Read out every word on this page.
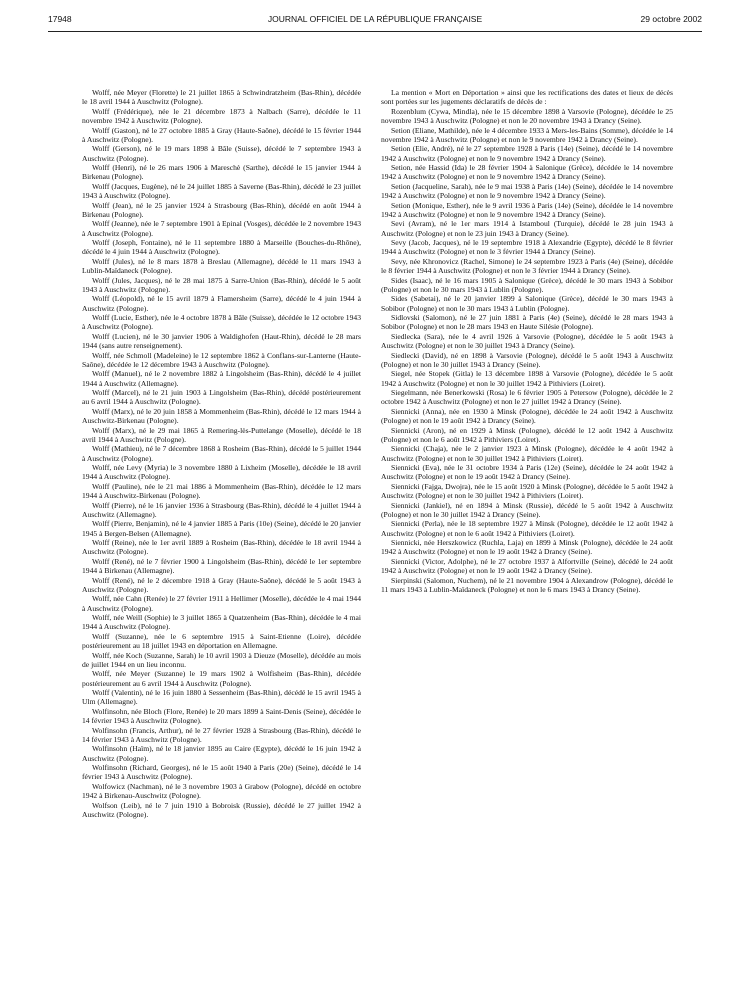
17948	JOURNAL OFFICIEL DE LA RÉPUBLIQUE FRANÇAISE	29 octobre 2002

Wolff, née Meyer (Florette) le 21 juillet 1865 à Schwindratzheim (Bas-Rhin), décédée le 18 avril 1944 à Auschwitz (Pologne).

Wolff (Frédérique), née le 21 décembre 1873 à Nalbach (Sarre), décédée le 11 novembre 1942 à Auschwitz (Pologne).

Wolff (Gaston), né le 27 octobre 1885 à Gray (Haute-Saône), décédé le 15 février 1944 à Auschwitz (Pologne).

Wolff (Gerson), né le 19 mars 1898 à Bâle (Suisse), décédé le 7 septembre 1943 à Auschwitz (Pologne).

Wolff (Henri), né le 26 mars 1906 à Mareschè (Sarthe), décédé le 15 janvier 1944 à Birkenau (Pologne).

Wolff (Jacques, Eugène), né le 24 juillet 1885 à Saverne (Bas-Rhin), décédé le 23 juillet 1943 à Auschwitz (Pologne).

Wolff (Jean), né le 25 janvier 1924 à Strasbourg (Bas-Rhin), décédé en août 1944 à Birkenau (Pologne).

Wolff (Jeanne), née le 7 septembre 1901 à Epinal (Vosges), décédée le 2 novembre 1943 à Auschwitz (Pologne).

Wolff (Joseph, Fontaine), né le 11 septembre 1880 à Marseille (Bouches-du-Rhône), décédé le 4 juin 1944 à Auschwitz (Pologne).

Wolff (Jules), né le 8 mars 1878 à Breslau (Allemagne), décédé le 11 mars 1943 à Lublin-Maïdaneck (Pologne).

Wolff (Jules, Jacques), né le 28 mai 1875 à Sarre-Union (Bas-Rhin), décédé le 5 août 1943 à Auschwitz (Pologne).

Wolff (Léopold), né le 15 avril 1879 à Flamersheim (Sarre), décédé le 4 juin 1944 à Auschwitz (Pologne).

Wolff (Lucie, Esther), née le 4 octobre 1878 à Bâle (Suisse), décédée le 12 octobre 1943 à Auschwitz (Pologne).

Wolff (Lucien), né le 30 janvier 1906 à Waldighofen (Haut-Rhin), décédé le 28 mars 1944 (sans autre renseignement).

Wolff, née Schmoll (Madeleine) le 12 septembre 1862 à Conflans-sur-Lanterne (Haute-Saône), décédée le 12 décembre 1943 à Auschwitz (Pologne).

Wolff (Manuel), né le 2 novembre 1882 à Lingolsheim (Bas-Rhin), décédé le 4 juillet 1944 à Auschwitz (Allemagne).

Wolff (Marcel), né le 21 juin 1903 à Lingolsheim (Bas-Rhin), décédé postérieurement au 6 avril 1944 à Auschwitz (Pologne).

Wolff (Marx), né le 20 juin 1858 à Mommenheim (Bas-Rhin), décédé le 12 mars 1944 à Auschwitz-Birkenau (Pologne).

Wolff (Marx), né le 29 mai 1865 à Remering-lès-Puttelange (Moselle), décédé le 18 avril 1944 à Auschwitz (Pologne).

Wolff (Mathieu), né le 7 décembre 1868 à Rosheim (Bas-Rhin), décédé le 5 juillet 1944 à Auschwitz (Pologne).

Wolff, née Levy (Myria) le 3 novembre 1880 à Lixheim (Moselle), décédée le 18 avril 1944 à Auschwitz (Pologne).

Wolff (Pauline), née le 21 mai 1886 à Mommenheim (Bas-Rhin), décédée le 12 mars 1944 à Auschwitz-Birkenau (Pologne).

Wolff (Pierre), né le 16 janvier 1936 à Strasbourg (Bas-Rhin), décédé le 4 juillet 1944 à Auschwitz (Allemagne).

Wolff (Pierre, Benjamin), né le 4 janvier 1885 à Paris (10e) (Seine), décédé le 20 janvier 1945 à Bergen-Belsen (Allemagne).

Wolff (Reine), née le 1er avril 1889 à Rosheim (Bas-Rhin), décédée le 18 avril 1944 à Auschwitz (Pologne).

Wolff (René), né le 7 février 1900 à Lingolsheim (Bas-Rhin), décédé le 1er septembre 1944 à Birkenau (Allemagne).

Wolff (René), né le 2 décembre 1918 à Gray (Haute-Saône), décédé le 5 août 1943 à Auschwitz (Pologne).

Wolff, née Cahn (Renée) le 27 février 1911 à Hellimer (Moselle), décédée le 4 mai 1944 à Auschwitz (Pologne).

Wolff, née Weill (Sophie) le 3 juillet 1865 à Quatzenheim (Bas-Rhin), décédée le 4 mai 1944 à Auschwitz (Pologne).

Wolff (Suzanne), née le 6 septembre 1915 à Saint-Etienne (Loire), décédée postérieurement au 18 juillet 1943 en déportation en Allemagne.

Wolff, née Koch (Suzanne, Sarah) le 10 avril 1903 à Dieuze (Moselle), décédée au mois de juillet 1944 en un lieu inconnu.

Wolff, née Meyer (Suzanne) le 19 mars 1902 à Wolfisheim (Bas-Rhin), décédée postérieurement au 6 avril 1944 à Auschwitz (Pologne).

Wolff (Valentin), né le 16 juin 1880 à Sessenheim (Bas-Rhin), décédé le 15 avril 1945 à Ulm (Allemagne).

Wolfinsohn, née Bloch (Flore, Renée) le 20 mars 1899 à Saint-Denis (Seine), décédée le 14 février 1943 à Auschwitz (Pologne).

Wolfinsohn (Francis, Arthur), né le 27 février 1928 à Strasbourg (Bas-Rhin), décédé le 14 février 1943 à Auschwitz (Pologne).

Wolfinsohn (Haïm), né le 18 janvier 1895 au Caire (Egypte), décédé le 16 juin 1942 à Auschwitz (Pologne).

Wolfinsohn (Richard, Georges), né le 15 août 1940 à Paris (20e) (Seine), décédé le 14 février 1943 à Auschwitz (Pologne).

Wolfowicz (Nachman), né le 3 novembre 1903 à Grabow (Pologne), décédé en octobre 1942 à Birkenau-Auschwitz (Pologne).

Wolfson (Leib), né le 7 juin 1910 à Bobroisk (Russie), décédé le 27 juillet 1942 à Auschwitz (Pologne).

La mention « Mort en Déportation » ainsi que les rectifications des dates et lieux de décès sont portées sur les jugements déclaratifs de décès de :

Rozenblum (Cywa, Mindla), née le 15 décembre 1898 à Varsovie (Pologne), décédée le 25 novembre 1943 à Auschwitz (Pologne) et non le 20 novembre 1943 à Drancy (Seine).

Setion (Eliane, Mathilde), née le 4 décembre 1933 à Mers-les-Bains (Somme), décédée le 14 novembre 1942 à Auschwitz (Pologne) et non le 9 novembre 1942 à Drancy (Seine).

Setion (Elie, André), né le 27 septembre 1928 à Paris (14e) (Seine), décédé le 14 novembre 1942 à Auschwitz (Pologne) et non le 9 novembre 1942 à Drancy (Seine).

Setion, née Hassid (Ida) le 28 février 1904 à Salonique (Grèce), décédée le 14 novembre 1942 à Auschwitz (Pologne) et non le 9 novembre 1942 à Drancy (Seine).

Setion (Jacqueline, Sarah), née le 9 mai 1938 à Paris (14e) (Seine), décédée le 14 novembre 1942 à Auschwitz (Pologne) et non le 9 novembre 1942 à Drancy (Seine).

Setion (Monique, Esther), née le 9 avril 1936 à Paris (14e) (Seine), décédée le 14 novembre 1942 à Auschwitz (Pologne) et non le 9 novembre 1942 à Drancy (Seine).

Sevi (Avram), né le 1er mars 1914 à Istamboul (Turquie), décédé le 28 juin 1943 à Auschwitz (Pologne) et non le 23 juin 1943 à Drancy (Seine).

Sevy (Jacob, Jacques), né le 19 septembre 1918 à Alexandrie (Egypte), décédé le 8 février 1944 à Auschwitz (Pologne) et non le 3 février 1944 à Drancy (Seine).

Sevy, née Khronovicz (Rachel, Simone) le 24 septembre 1923 à Paris (4e) (Seine), décédée le 8 février 1944 à Auschwitz (Pologne) et non le 3 février 1944 à Drancy (Seine).

Sides (Isaac), né le 16 mars 1905 à Salonique (Grèce), décédé le 30 mars 1943 à Sobibor (Pologne) et non le 30 mars 1943 à Lublin (Pologne).

Sides (Sabetai), né le 20 janvier 1899 à Salonique (Grèce), décédé le 30 mars 1943 à Sobibor (Pologne) et non le 30 mars 1943 à Lublin (Pologne).

Sidlovski (Salomon), né le 27 juin 1881 à Paris (4e) (Seine), décédé le 28 mars 1943 à Sobibor (Pologne) et non le 28 mars 1943 en Haute Silésie (Pologne).

Siedlecka (Sara), née le 4 avril 1926 à Varsovie (Pologne), décédée le 5 août 1943 à Auschwitz (Pologne) et non le 30 juillet 1943 à Drancy (Seine).

Siedlecki (David), né en 1898 à Varsovie (Pologne), décédé le 5 août 1943 à Auschwitz (Pologne) et non le 30 juillet 1943 à Drancy (Seine).

Siegel, née Stopek (Gitla) le 13 décembre 1898 à Varsovie (Pologne), décédée le 5 août 1942 à Auschwitz (Pologne) et non le 30 juillet 1942 à Pithiviers (Loiret).

Siegelmann, née Benerkowski (Rosa) le 6 février 1905 à Petersow (Pologne), décédée le 2 octobre 1942 à Auschwitz (Pologne) et non le 27 juillet 1942 à Drancy (Seine).

Siennicki (Anna), née en 1930 à Minsk (Pologne), décédée le 24 août 1942 à Auschwitz (Pologne) et non le 19 août 1942 à Drancy (Seine).

Siennicki (Aron), né en 1929 à Minsk (Pologne), décédé le 12 août 1942 à Auschwitz (Pologne) et non le 6 août 1942 à Pithiviers (Loiret).

Siennicki (Chaja), née le 2 janvier 1923 à Minsk (Pologne), décédée le 4 août 1942 à Auschwitz (Pologne) et non le 30 juillet 1942 à Pithiviers (Loiret).

Siennicki (Eva), née le 31 octobre 1934 à Paris (12e) (Seine), décédée le 24 août 1942 à Auschwitz (Pologne) et non le 19 août 1942 à Drancy (Seine).

Siennicki (Fajga, Dwojra), née le 15 août 1920 à Minsk (Pologne), décédée le 5 août 1942 à Auschwitz (Pologne) et non le 30 juillet 1942 à Pithiviers (Loiret).

Siennicki (Jankiel), né en 1894 à Minsk (Russie), décédé le 5 août 1942 à Auschwitz (Pologne) et non le 30 juillet 1942 à Drancy (Seine).

Siennicki (Perla), née le 18 septembre 1927 à Minsk (Pologne), décédée le 12 août 1942 à Auschwitz (Pologne) et non le 6 août 1942 à Pithiviers (Loiret).

Siennicki, née Herszkowicz (Ruchla, Laja) en 1899 à Minsk (Pologne), décédée le 24 août 1942 à Auschwitz (Pologne) et non le 19 août 1942 à Drancy (Seine).

Siennicki (Victor, Adolphe), né le 27 octobre 1937 à Alfortville (Seine), décédé le 24 août 1942 à Auschwitz (Pologne) et non le 19 août 1942 à Drancy (Seine).

Sierpinski (Salomon, Nuchem), né le 21 novembre 1904 à Alexandrow (Pologne), décédé le 11 mars 1943 à Lublin-Maïdaneck (Pologne) et non le 6 mars 1943 à Drancy (Seine).
